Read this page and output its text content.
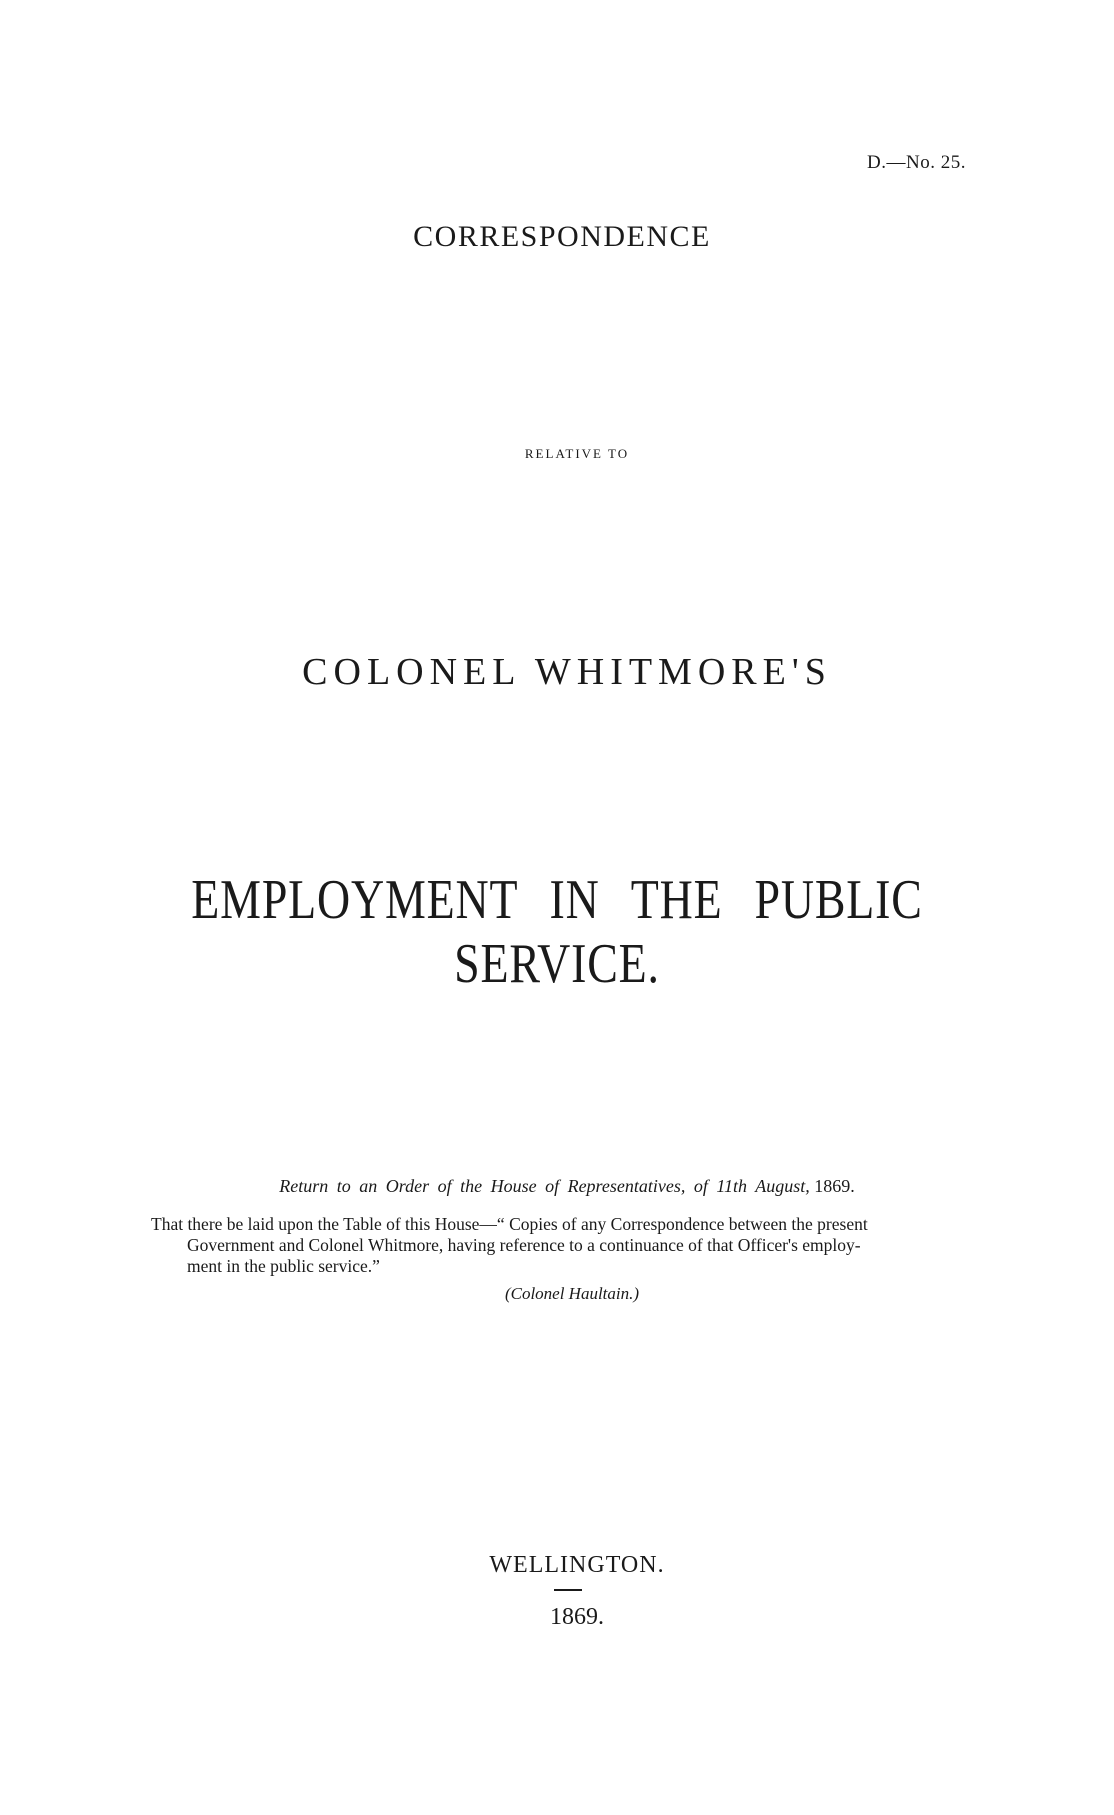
D.—No. 25.
CORRESPONDENCE
RELATIVE TO
COLONEL WHITMORE'S
EMPLOYMENT IN THE PUBLIC SERVICE.
Return to an Order of the House of Representatives, of 11th August, 1869.
That there be laid upon the Table of this House—“ Copies of any Correspondence between the present
Government and Colonel Whitmore, having reference to a continuance of that Officer's employ-
ment in the public service.”
(Colonel Haultain.)
WELLINGTON.
1869.
